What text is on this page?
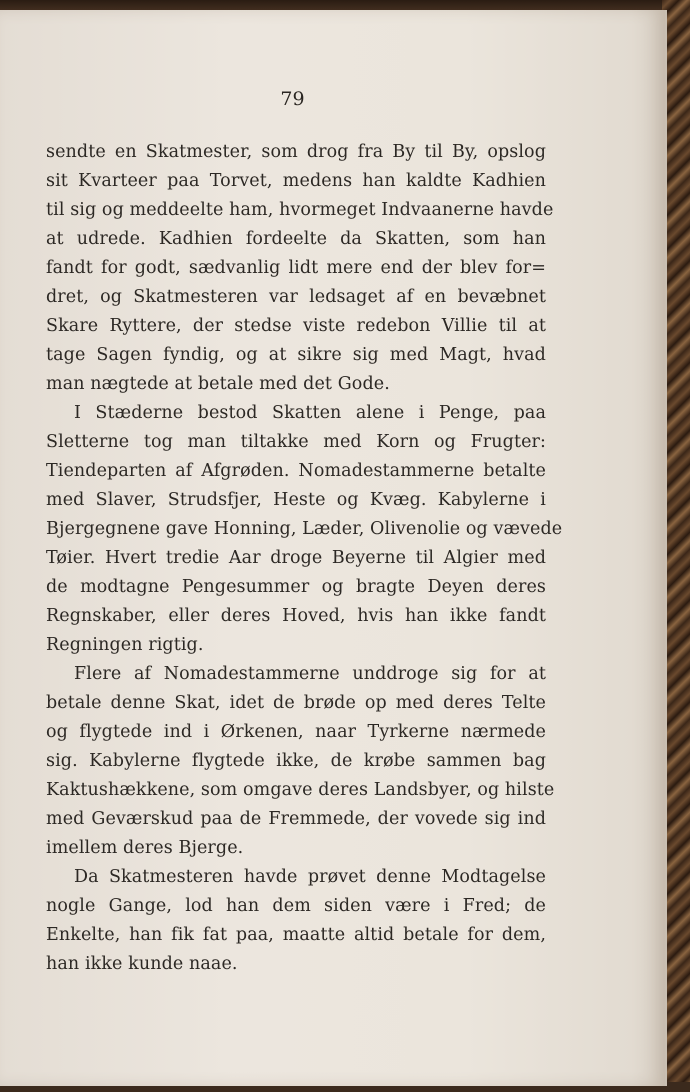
79
sendte en Skatmester, som drog fra By til By, opslog
sit Kvarteer paa Torvet, medens han kaldte Kadhien
til sig og meddeelte ham, hvormeget Indvaanerne havde
at udrede. Kadhien fordeelte da Skatten, som han
fandt for godt, sædvanlig lidt mere end der blev for=
dret, og Skatmesteren var ledsaget af en bevæbnet
Skare Ryttere, der stedse viste redebon Villie til at
tage Sagen fyndig, og at sikre sig med Magt, hvad
man nægtede at betale med det Gode.
I Stæderne bestod Skatten alene i Penge, paa
Sletterne tog man tiltakke med Korn og Frugter:
Tiendeparten af Afgrøden. Nomadestammerne betalte
med Slaver, Strudsfjer, Heste og Kvæg. Kabylerne i
Bjergegnene gave Honning, Læder, Olivenolie og vævede
Tøier. Hvert tredie Aar droge Beyerne til Algier med
de modtagne Pengesummer og bragte Deyen deres
Regnskaber, eller deres Hoved, hvis han ikke fandt
Regningen rigtig.
Flere af Nomadestammerne unddroge sig for at
betale denne Skat, idet de brøde op med deres Telte
og flygtede ind i Ørkenen, naar Tyrkerne nærmede
sig. Kabylerne flygtede ikke, de krøbe sammen bag
Kaktushækkene, som omgave deres Landsbyer, og hilste
med Geværskud paa de Fremmede, der vovede sig ind
imellem deres Bjerge.
Da Skatmesteren havde prøvet denne Modtagelse
nogle Gange, lod han dem siden være i Fred; de
Enkelte, han fik fat paa, maatte altid betale for dem,
han ikke kunde naae.
